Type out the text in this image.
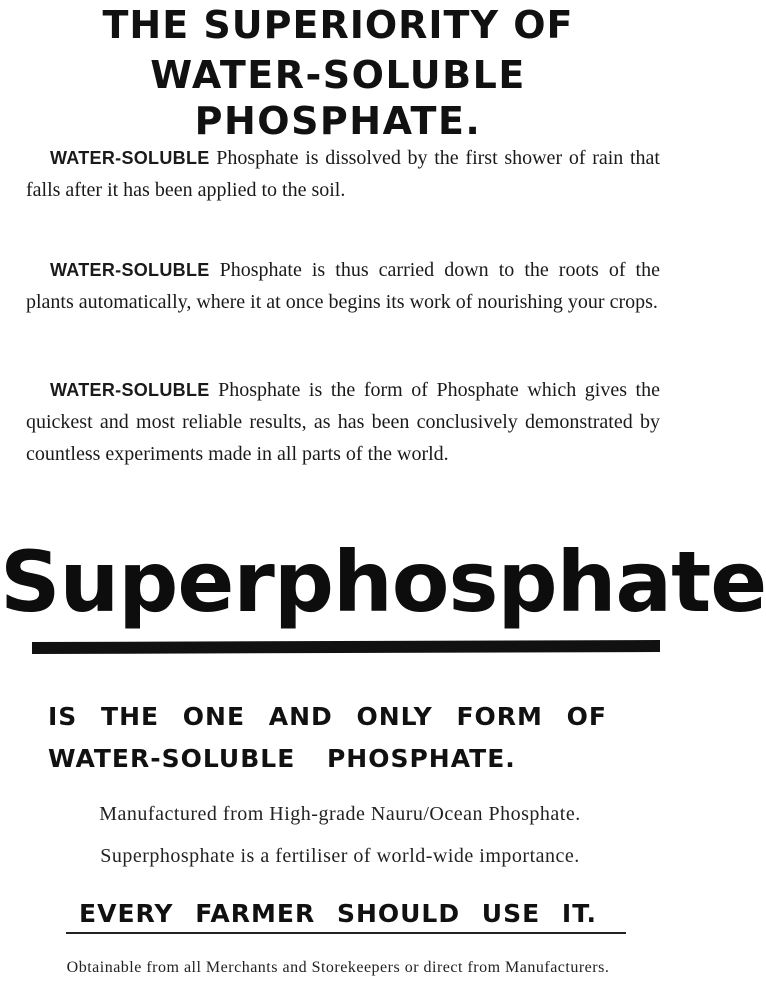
THE SUPERIORITY OF
WATER-SOLUBLE PHOSPHATE.
WATER-SOLUBLE Phosphate is dissolved by the first shower of rain that falls after it has been applied to the soil.
WATER-SOLUBLE Phosphate is thus carried down to the roots of the plants automatically, where it at once begins its work of nourishing your crops.
WATER-SOLUBLE Phosphate is the form of Phosphate which gives the quickest and most reliable results, as has been conclusively demonstrated by countless experiments made in all parts of the world.
Superphosphate

IS THE ONE AND ONLY FORM OF

WATER-SOLUBLE PHOSPHATE.

Manufactured from High-grade Nauru/Ocean Phosphate.
Superphosphate is a fertiliser of world-wide importance.

EVERY FARMER SHOULD USE IT.

Obtainable from all Merchants and Storekeepers or direct from Manufacturers.
